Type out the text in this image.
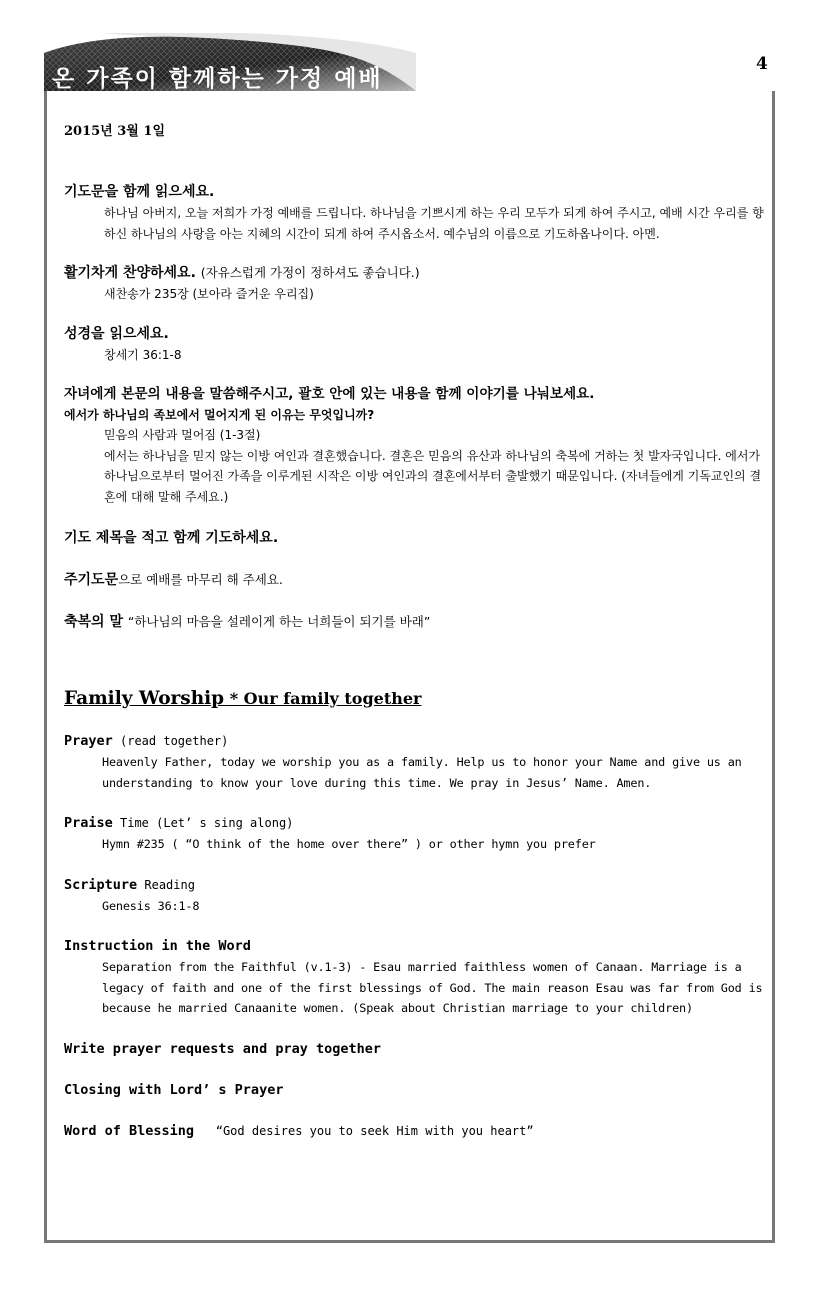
온 가족이 함께하는 가정 예배
4

2015년 3월 1일

기도문을 함께 읽으세요.

하나님 아버지, 오늘 저희가 가정 예배를 드립니다. 하나님을 기쁘시게 하는 우리 모두가 되게 하여 주시고, 예배 시간 우리를 향하신 하나님의 사랑을 아는 지혜의 시간이 되게 하여 주시옵소서. 예수님의 이름으로 기도하옵나이다. 아멘.

활기차게 찬양하세요. (자유스럽게 가정이 정하셔도 좋습니다.)

새찬송가 235장 (보아라 즐거운 우리집)

성경을 읽으세요.

창세기 36:1-8

자녀에게 본문의 내용을 말씀해주시고, 괄호 안에 있는 내용을 함께 이야기를 나눠보세요.

에서가 하나님의 족보에서 멀어지게 된 이유는 무엇입니까?

믿음의 사람과 멀어짐 (1-3절)

에서는 하나님을 믿지 않는 이방 여인과 결혼했습니다. 결혼은 믿음의 유산과 하나님의 축복에 거하는 첫 발자국입니다. 에서가 하나님으로부터 멀어진 가족을 이루게된 시작은 이방 여인과의 결혼에서부터 출발했기 때문입니다. (자녀들에게 기독교인의 결혼에 대해 말해 주세요.)

기도 제목을 적고 함께 기도하세요.

주기도문으로 예배를 마무리 해 주세요.

축복의 말 “하나님의 마음을 설레이게 하는 너희들이 되기를 바래”

Family Worship * Our family together

Prayer (read together)

Heavenly Father, today we worship you as a family. Help us to honor your Name and give us an understanding to know your love during this time. We pray in Jesus’ Name. Amen.

Praise Time (Let’ s sing along)

Hymn #235 ( “O think of the home over there” ) or other hymn you prefer

Scripture Reading

Genesis 36:1-8

Instruction in the Word

Separation from the Faithful (v.1-3) - Esau married faithless women of Canaan. Marriage is a legacy of faith and one of the first blessings of God. The main reason Esau was far from God is because he married Canaanite women. (Speak about Christian marriage to your children)

Write prayer requests and pray together

Closing with Lord’ s Prayer

Word of Blessing   “God desires you to seek Him with you heart”
